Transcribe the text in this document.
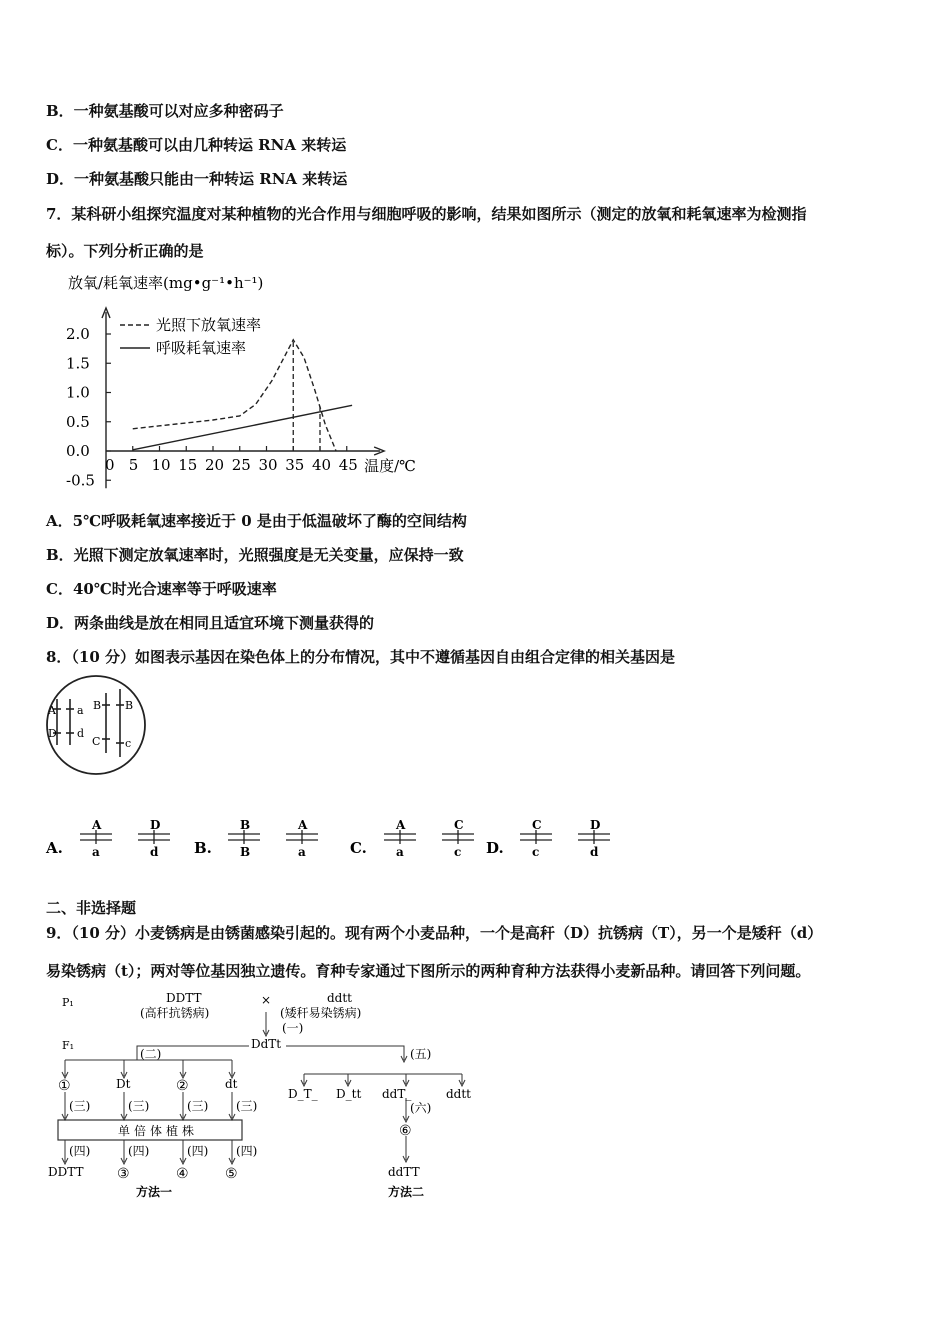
B．一种氨基酸可以对应多种密码子
C．一种氨基酸可以由几种转运 RNA 来转运
D．一种氨基酸只能由一种转运 RNA 来转运
7．某科研小组探究温度对某种植物的光合作用与细胞呼吸的影响，结果如图所示（测定的放氧和耗氧速率为检测指
标）。下列分析正确的是
放氧/耗氧速率(mg•g⁻¹•h⁻¹)
2.0
1.5
1.0
0.5
0.0
-0.5
0 5 10 15 20 25 30 35 40 45 温度/℃
光照下放氧速率
呼吸耗氧速率
A．5℃呼吸耗氧速率接近于 0 是由于低温破坏了酶的空间结构
B．光照下测定放氧速率时，光照强度是无关变量，应保持一致
C．40℃时光合速率等于呼吸速率
D．两条曲线是放在相同且适宜环境下测量获得的
8．（10 分）如图表示基因在染色体上的分布情况，其中不遵循基因自由组合定律的相关基因是
A
D
a
d
B
C
B
c
A.
A
a
D
d B.
B
B
A
a	C.
A
a
C
c D.
C
c
D
d
二、非选择题
9．（10 分）小麦锈病是由锈菌感染引起的。现有两个小麦品种，一个是高秆（D）抗锈病（T），另一个是矮秆（d）
易染锈病（t）；两对等位基因独立遗传。育种专家通过下图所示的两种育种方法获得小麦新品种。请回答下列问题。
P₁
F₁
DDTT
(高秆抗锈病)
×	ddtt
(矮秆易染锈病)
(一)
DdTt
(二)	(五)
①	Dt	②	dt
(三)	(三)	(三) (三)
单倍体植株
(四)	(四)	(四) (四)
DDTT ③	④	⑤
D_T_ D_tt ddT_	ddtt
(六)
⑥
ddTT
方法一	方法二
